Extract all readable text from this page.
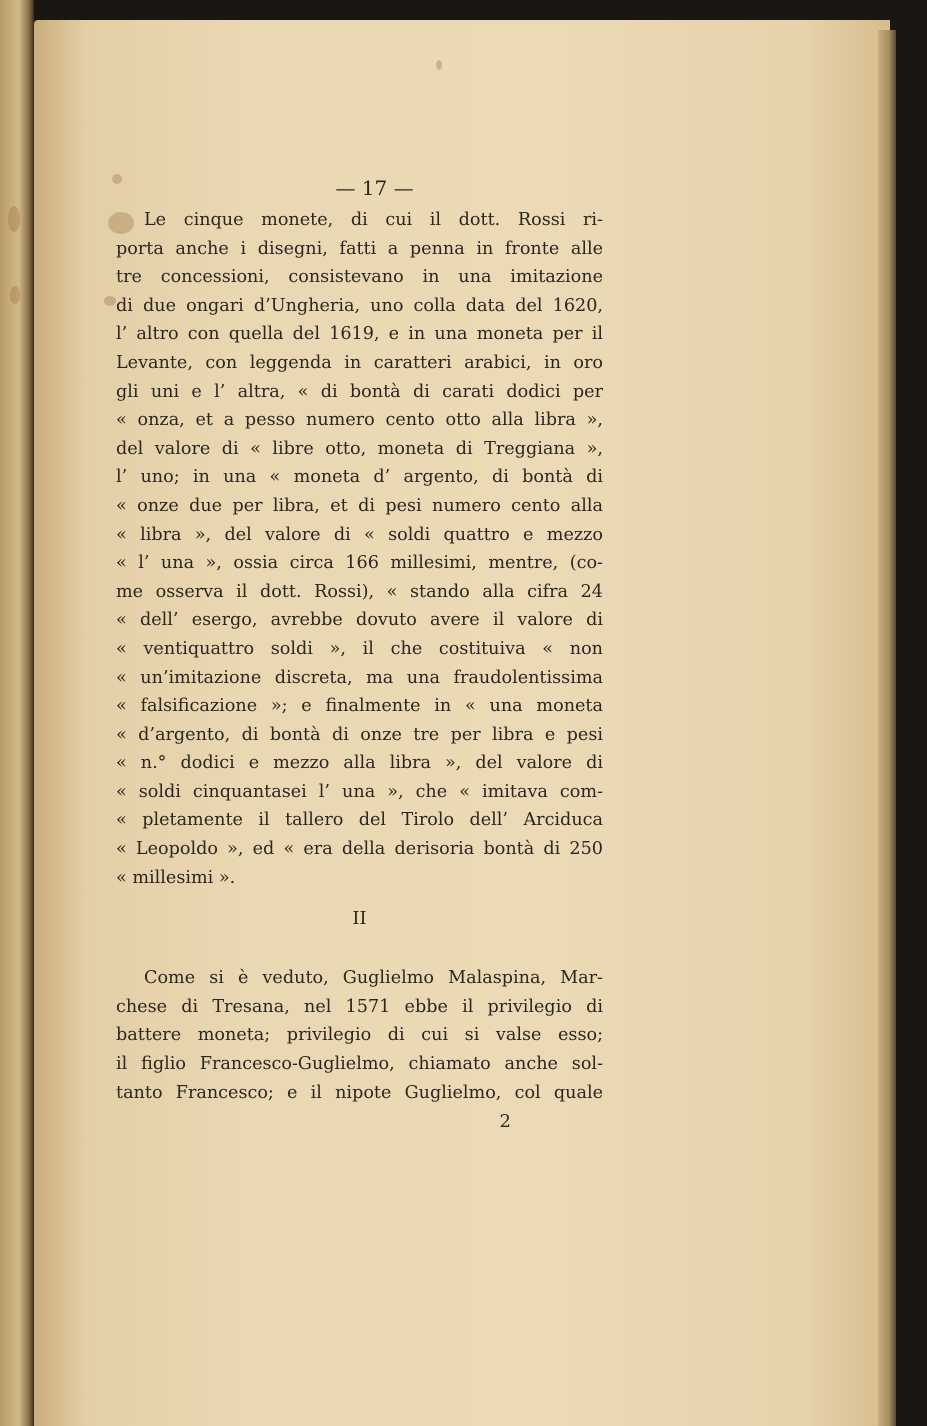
— 17 —
Le cinque monete, di cui il dott. Rossi ri-
porta anche i disegni, fatti a penna in fronte alle
tre concessioni, consistevano in una imitazione
di due ongari d’Ungheria, uno colla data del 1620,
l’ altro con quella del 1619, e in una moneta per il
Levante, con leggenda in caratteri arabici, in oro
gli uni e l’ altra, « di bontà di carati dodici per
« onza, et a pesso numero cento otto alla libra »,
del valore di « libre otto, moneta di Treggiana »,
l’ uno; in una « moneta d’ argento, di bontà di
« onze due per libra, et di pesi numero cento alla
« libra », del valore di « soldi quattro e mezzo
« l’ una », ossia circa 166 millesimi, mentre, (co-
me osserva il dott. Rossi), « stando alla cifra 24
« dell’ esergo, avrebbe dovuto avere il valore di
« ventiquattro soldi », il che costituiva « non
« un’imitazione discreta, ma una fraudolentissima
« falsificazione »; e finalmente in « una moneta
« d’argento, di bontà di onze tre per libra e pesi
« n.° dodici e mezzo alla libra », del valore di
« soldi cinquantasei l’ una », che « imitava com-
« pletamente il tallero del Tirolo dell’ Arciduca
« Leopoldo », ed « era della derisoria bontà di 250
« millesimi ».
II
Come si è veduto, Guglielmo Malaspina, Mar-
chese di Tresana, nel 1571 ebbe il privilegio di
battere moneta; privilegio di cui si valse esso;
il figlio Francesco-Guglielmo, chiamato anche sol-
tanto Francesco; e il nipote Guglielmo, col quale
2
